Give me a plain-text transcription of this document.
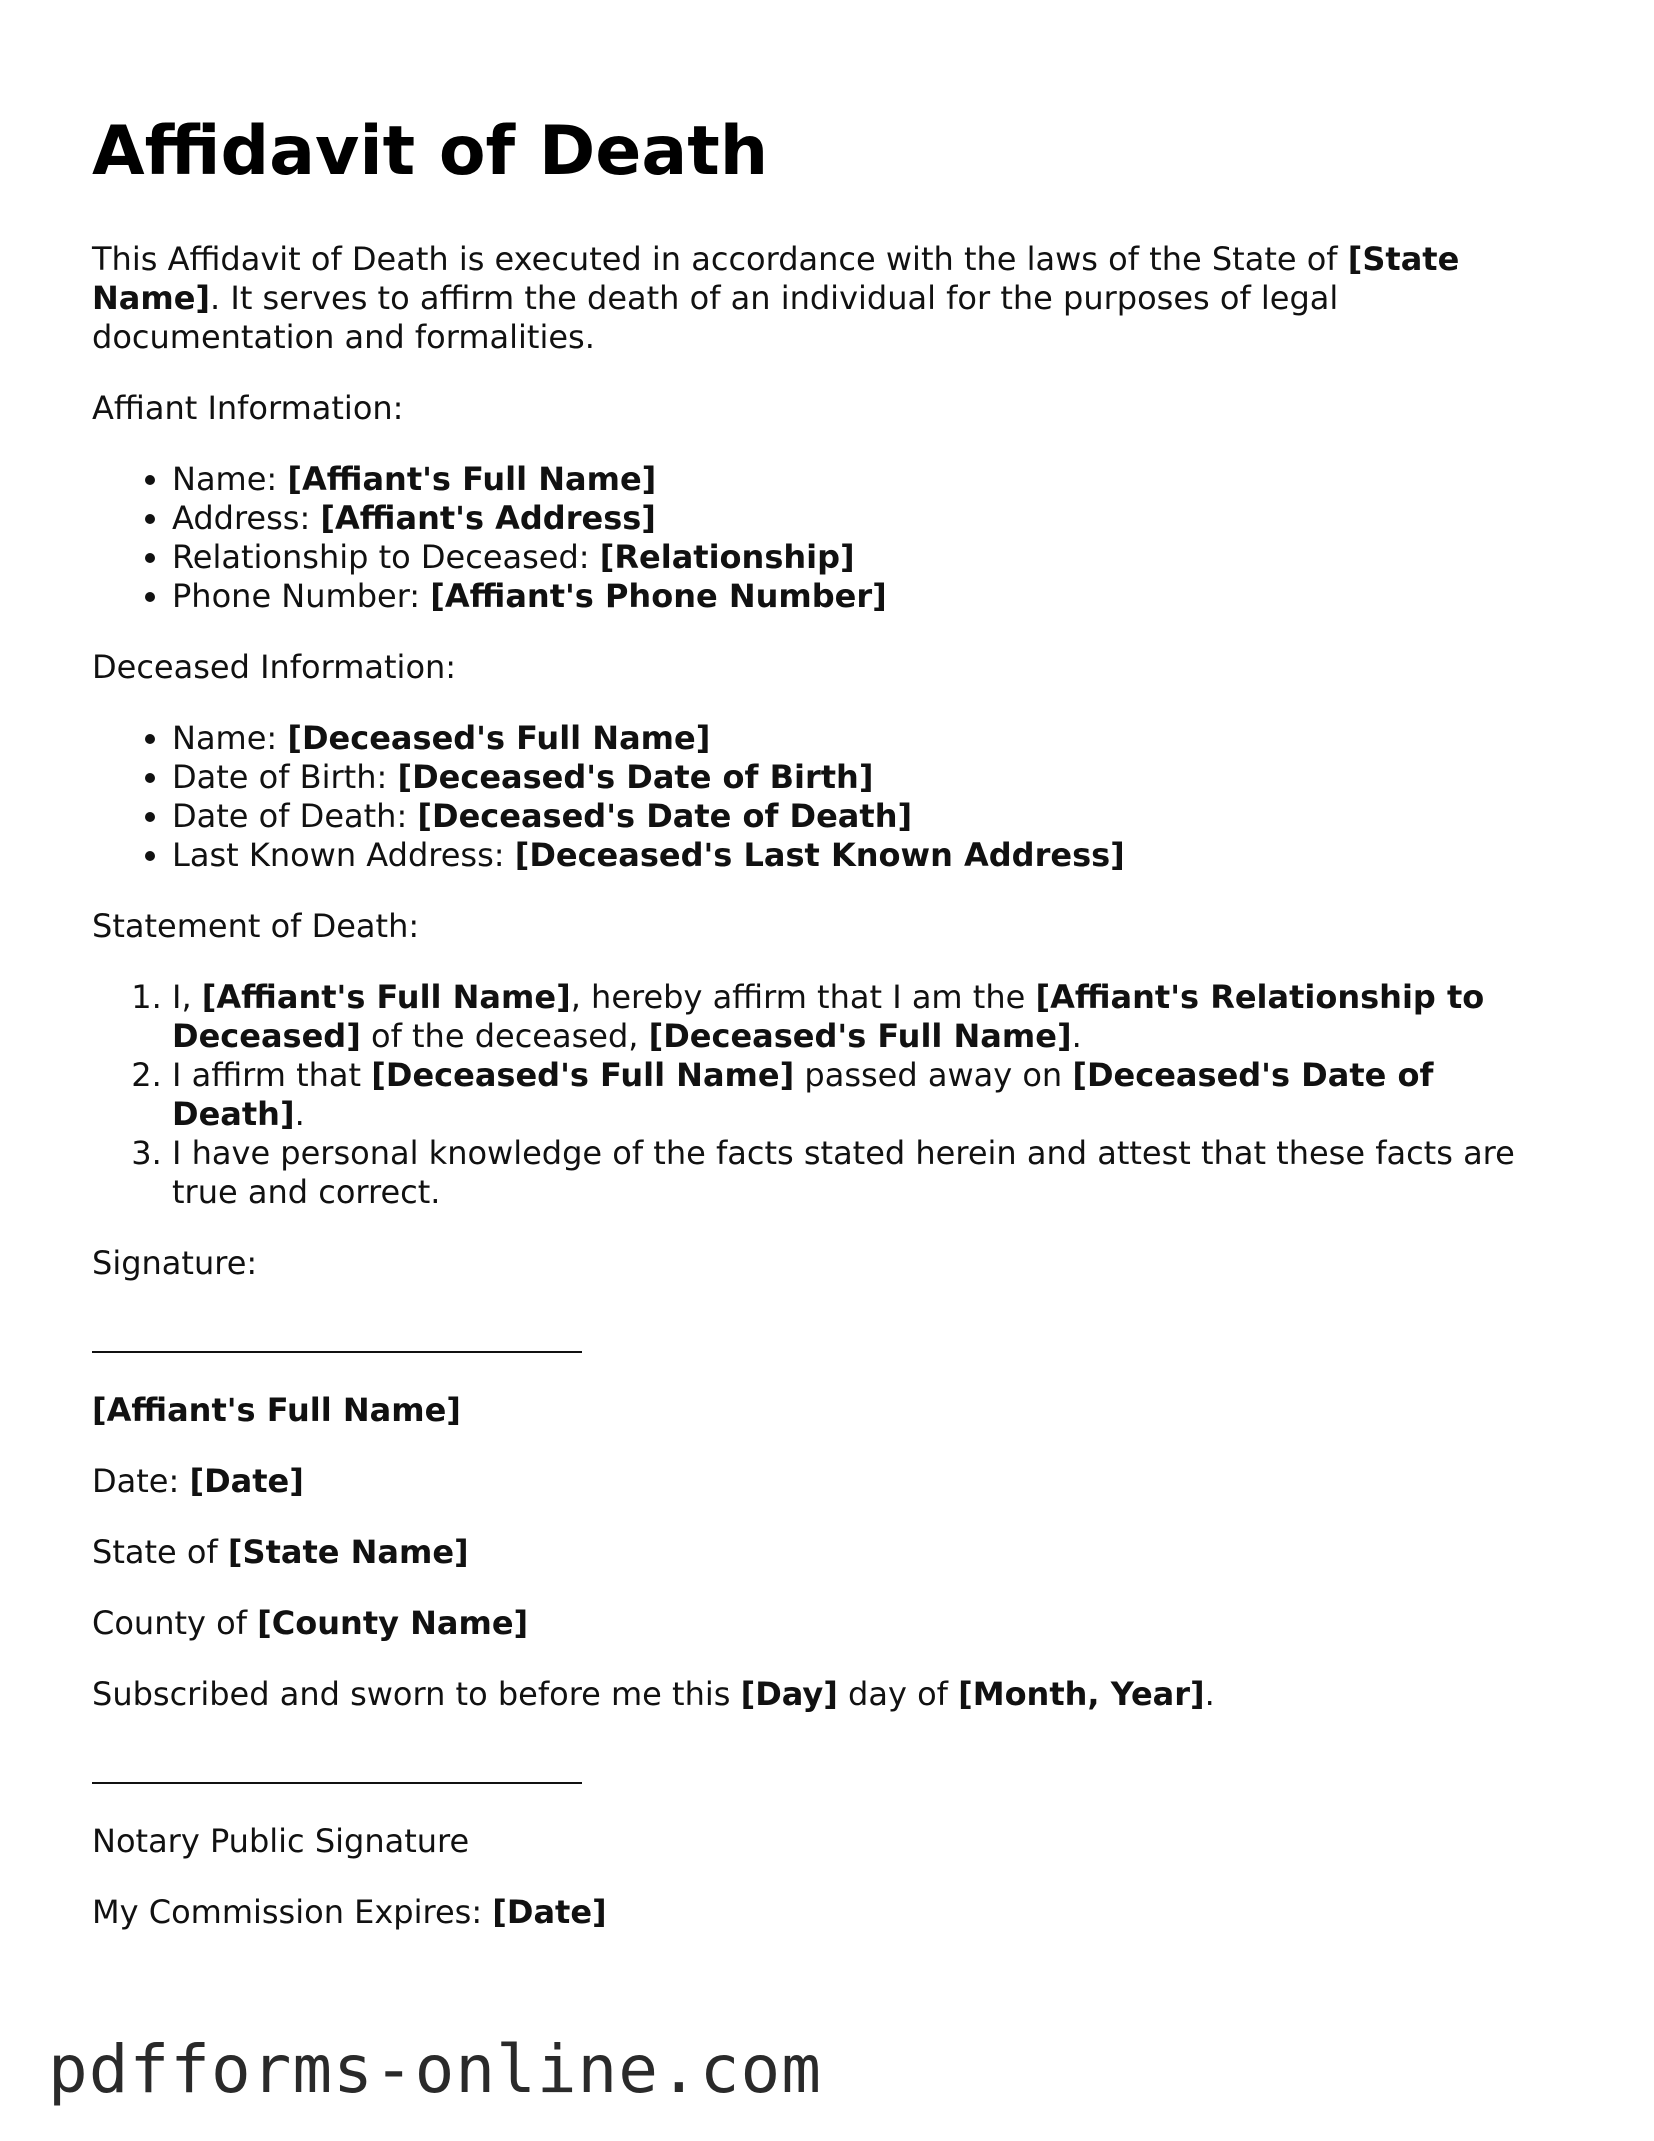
Affidavit of Death

This Affidavit of Death is executed in accordance with the laws of the State of [State Name]. It serves to affirm the death of an individual for the purposes of legal documentation and formalities.

Affiant Information:

• Name: [Affiant's Full Name]
• Address: [Affiant's Address]
• Relationship to Deceased: [Relationship]
• Phone Number: [Affiant's Phone Number]

Deceased Information:

• Name: [Deceased's Full Name]
• Date of Birth: [Deceased's Date of Birth]
• Date of Death: [Deceased's Date of Death]
• Last Known Address: [Deceased's Last Known Address]

Statement of Death:

1. I, [Affiant's Full Name], hereby affirm that I am the [Affiant's Relationship to Deceased] of the deceased, [Deceased's Full Name].
2. I affirm that [Deceased's Full Name] passed away on [Deceased's Date of Death].
3. I have personal knowledge of the facts stated herein and attest that these facts are true and correct.

Signature:

[Affiant's Full Name]

Date: [Date]

State of [State Name]

County of [County Name]

Subscribed and sworn to before me this [Day] day of [Month, Year].

Notary Public Signature

My Commission Expires: [Date]

pdfforms-online.com
